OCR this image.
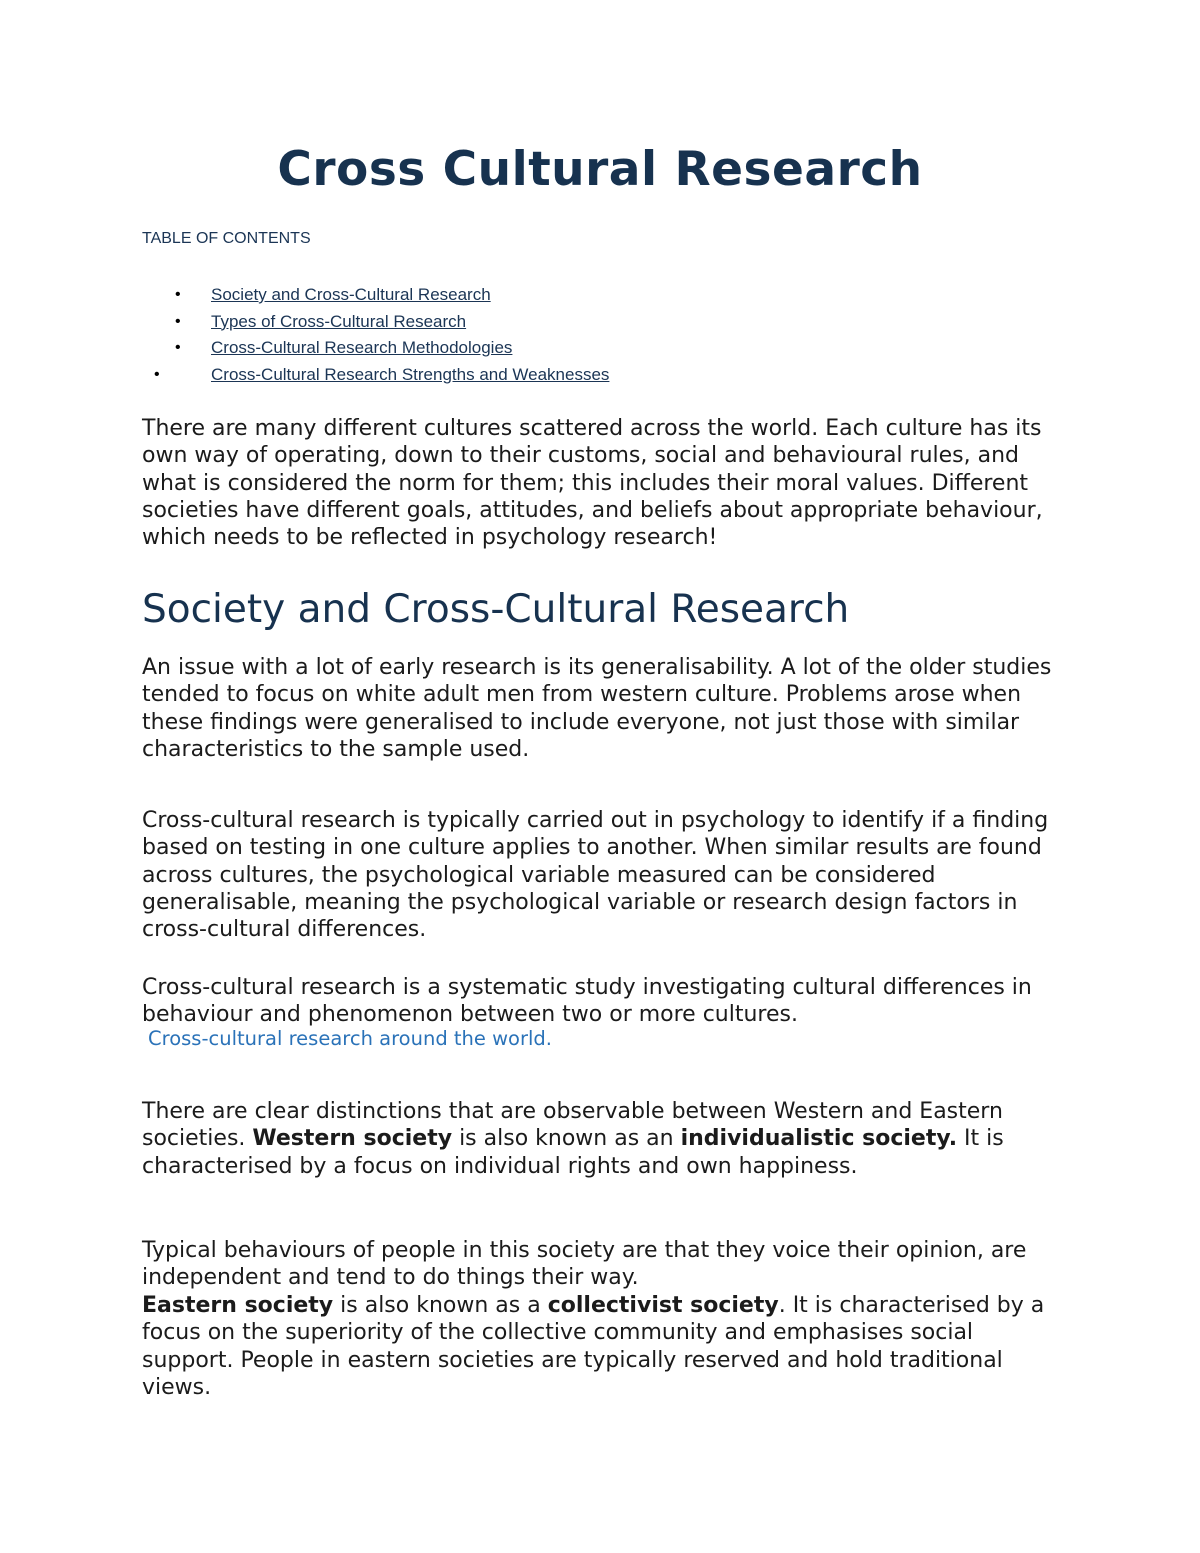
Cross Cultural Research

TABLE OF CONTENTS

• Society and Cross-Cultural Research
• Types of Cross-Cultural Research
• Cross-Cultural Research Methodologies
•	Cross-Cultural Research Strengths and Weaknesses

There are many different cultures scattered across the world. Each culture has its own way of operating, down to their customs, social and behavioural rules, and what is considered the norm for them; this includes their moral values. Different societies have different goals, attitudes, and beliefs about appropriate behaviour, which needs to be reflected in psychology research!

Society and Cross-Cultural Research

An issue with a lot of early research is its generalisability. A lot of the older studies tended to focus on white adult men from western culture. Problems arose when these findings were generalised to include everyone, not just those with similar characteristics to the sample used.

Cross-cultural research is typically carried out in psychology to identify if a finding based on testing in one culture applies to another. When similar results are found across cultures, the psychological variable measured can be considered generalisable, meaning the psychological variable or research design factors in cross-cultural differences.

Cross-cultural research is a systematic study investigating cultural differences in behaviour and phenomenon between two or more cultures.

Cross-cultural research around the world.

There are clear distinctions that are observable between Western and Eastern societies. Western society is also known as an individualistic society. It is characterised by a focus on individual rights and own happiness.

Typical behaviours of people in this society are that they voice their opinion, are independent and tend to do things their way.

Eastern society is also known as a collectivist society. It is characterised by a focus on the superiority of the collective community and emphasises social support. People in eastern societies are typically reserved and hold traditional views.
